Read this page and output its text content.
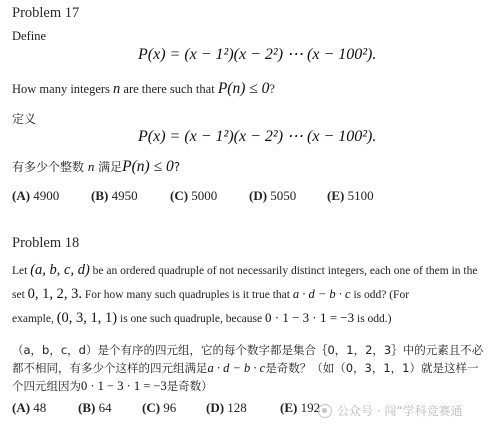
Problem 17
Define
P(x) = (x − 1²)(x − 2²) ⋯ (x − 100²).
How many integers n are there such that P(n) ≤ 0?
定义
P(x) = (x − 1²)(x − 2²) ⋯ (x − 100²).
有多少个整数 n 满足P(n) ≤ 0?
(A) 4900 (B) 4950 (C) 5000 (D) 5050 (E) 5100
Problem 18
Let (a, b, c, d) be an ordered quadruple of not necessarily distinct integers, each one of them in the
set 0, 1, 2, 3. For how many such quadruples is it true that a · d − b · c is odd? (For
example, (0, 3, 1, 1) is one such quadruple, because 0 · 1 − 3 · 1 = −3 is odd.)
（a，b，c，d）是个有序的四元组，它的每个数字都是集合｛0，1，2，3｝中的元素且不必
都不相同，有多少个这样的四元组满足a · d − b · c是奇数？（如（0，3，1，1）就是这样一
个四元组因为0 · 1 − 3 · 1 = −3是奇数）
(A) 48 (B) 64 (C) 96 (D) 128	(E) 192 公众号 · 闯“学科竞赛通
